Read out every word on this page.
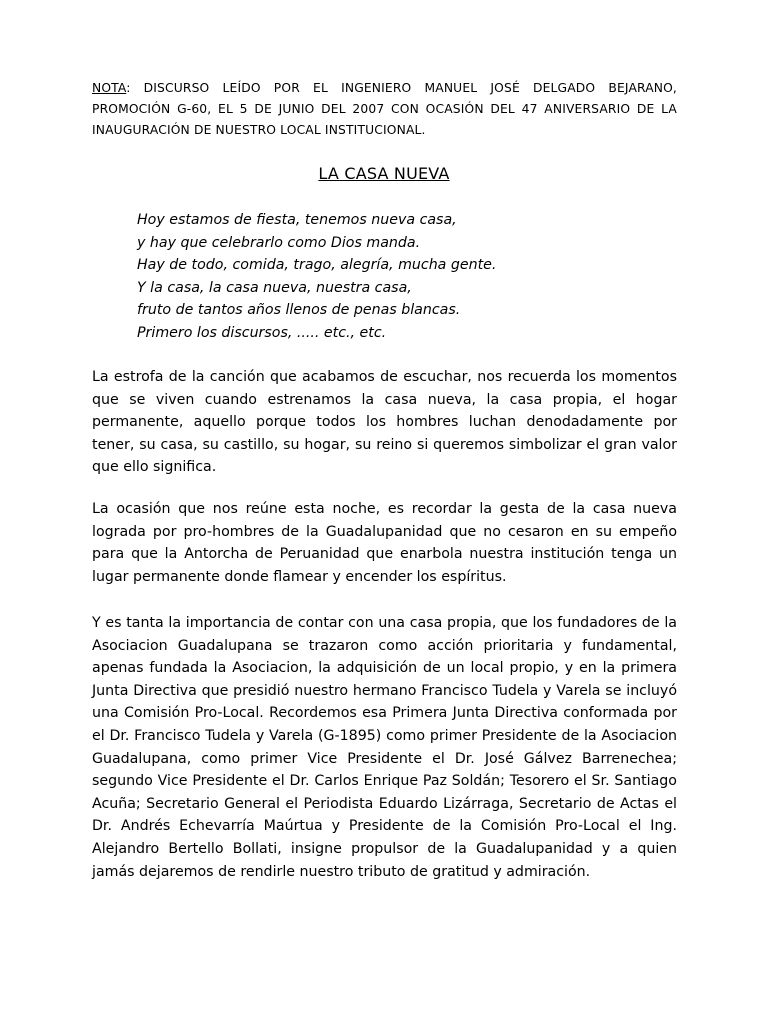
NOTA: DISCURSO LEÍDO POR EL INGENIERO MANUEL JOSÉ DELGADO BEJARANO, PROMOCIÓN G-60, EL 5 DE JUNIO DEL 2007 CON OCASIÓN DEL 47 ANIVERSARIO DE LA INAUGURACIÓN DE NUESTRO LOCAL INSTITUCIONAL.
LA CASA NUEVA
Hoy estamos de fiesta, tenemos nueva casa,
y hay que celebrarlo como Dios manda.
Hay de todo, comida, trago, alegría, mucha gente.
Y la casa, la casa nueva, nuestra casa,
fruto de tantos años llenos de penas blancas.
Primero los discursos, ..... etc., etc.

La estrofa de la canción que acabamos de escuchar, nos recuerda los momentos que se viven cuando estrenamos la casa nueva, la casa propia, el hogar permanente, aquello porque todos los hombres luchan denodadamente por tener, su casa, su castillo, su hogar, su reino si queremos simbolizar el gran valor que ello significa.

La ocasión que nos reúne esta noche, es recordar la gesta de la casa nueva lograda por pro-hombres de la Guadalupanidad que no cesaron en su empeño para que la Antorcha de Peruanidad que enarbola nuestra institución tenga un lugar permanente donde flamear y encender los espíritus.

Y es tanta la importancia de contar con una casa propia, que los fundadores de la Asociacion Guadalupana se trazaron como acción prioritaria y fundamental, apenas fundada la Asociacion, la adquisición de un local propio, y en la primera Junta Directiva que presidió nuestro hermano Francisco Tudela y Varela se incluyó una Comisión Pro-Local. Recordemos esa Primera Junta Directiva conformada por el Dr. Francisco Tudela y Varela (G-1895) como primer Presidente de la Asociacion Guadalupana, como primer Vice Presidente el Dr. José Gálvez Barrenechea; segundo Vice Presidente el Dr. Carlos Enrique Paz Soldán; Tesorero el Sr. Santiago Acuña; Secretario General el Periodista Eduardo Lizárraga, Secretario de Actas el Dr. Andrés Echevarría Maúrtua y Presidente de la Comisión Pro-Local el Ing. Alejandro Bertello Bollati, insigne propulsor de la Guadalupanidad y a quien jamás dejaremos de rendirle nuestro tributo de gratitud y admiración.
